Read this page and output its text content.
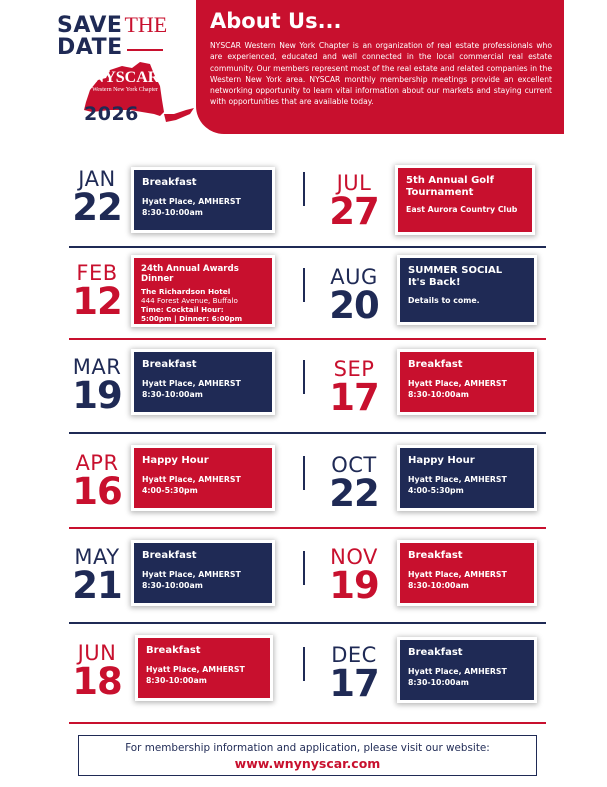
SAVETHE
DATE
NYSCAR
Western New York Chapter
2026
About Us...

NYSCAR Western New York Chapter is an organization of real estate professionals who are experienced, educated and well connected in the local commercial real estate community. Our members represent most of the real estate and related companies in the Western New York area. NYSCAR monthly membership meetings provide an excellent networking opportunity to learn vital information about our markets and staying current with opportunities that are available today.

JAN
22
Breakfast
Hyatt Place, AMHERST
8:30-10:00am
JUL
27
5th Annual Golf Tournament
East Aurora Country Club
FEB
12
24th Annual Awards Dinner
The Richardson Hotel
444 Forest Avenue, Buffalo
Time: Cocktail Hour:
5:00pm | Dinner: 6:00pm
AUG
20
SUMMER SOCIAL It's Back!
Details to come.
MAR
19
Breakfast
Hyatt Place, AMHERST
8:30-10:00am
SEP
17
Breakfast
Hyatt Place, AMHERST
8:30-10:00am
APR
16
Happy Hour
Hyatt Place, AMHERST
4:00-5:30pm
OCT
22
Happy Hour
Hyatt Place, AMHERST
4:00-5:30pm
MAY
21
Breakfast
Hyatt Place, AMHERST
8:30-10:00am
NOV
19
Breakfast
Hyatt Place, AMHERST
8:30-10:00am
JUN
18
Breakfast
Hyatt Place, AMHERST
8:30-10:00am
DEC
17
Breakfast
Hyatt Place, AMHERST
8:30-10:00am
For membership information and application, please visit our website:
www.wnynyscar.com
